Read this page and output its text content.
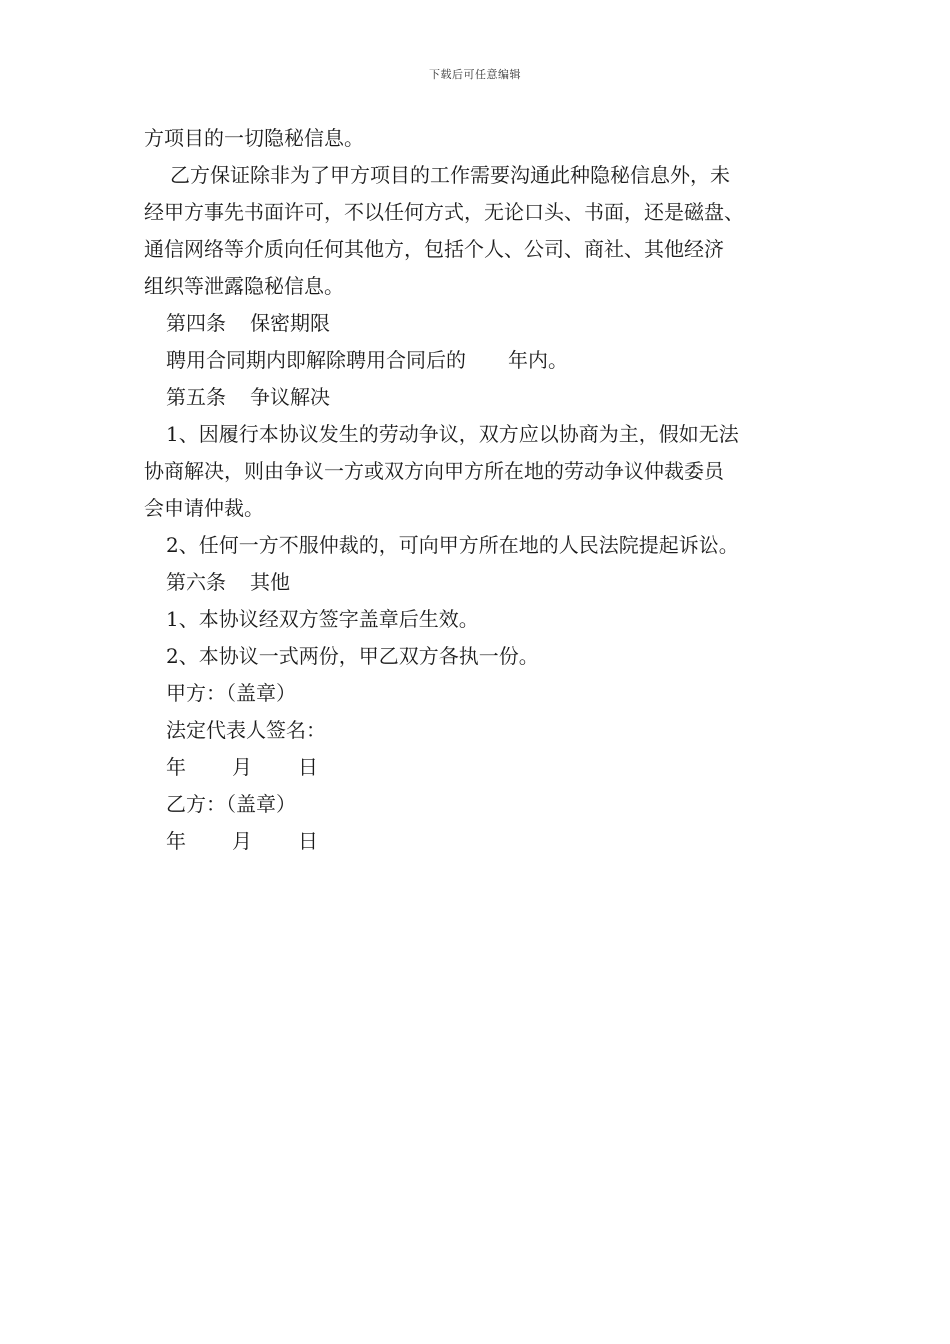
下载后可任意编辑
方项目的一切隐秘信息。
乙方保证除非为了甲方项目的工作需要沟通此种隐秘信息外，未
经甲方事先书面许可，不以任何方式，无论口头、书面，还是磁盘、
通信网络等介质向任何其他方，包括个人、公司、商社、其他经济
组织等泄露隐秘信息。
第四条 保密期限
聘用合同期内即解除聘用合同后的 年内。
第五条 争议解决
1、因履行本协议发生的劳动争议，双方应以协商为主，假如无法
协商解决，则由争议一方或双方向甲方所在地的劳动争议仲裁委员
会申请仲裁。
2、任何一方不服仲裁的，可向甲方所在地的人民法院提起诉讼。
第六条 其他
1、本协议经双方签字盖章后生效。
2、本协议一式两份，甲乙双方各执一份。
甲方：（盖章）
法定代表人签名：
年 月 日
乙方：（盖章）
年 月 日
